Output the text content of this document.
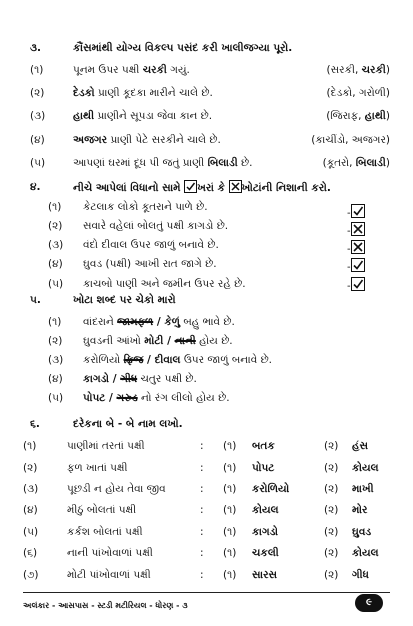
૩.	કૌંસમાંથી યોગ્ય વિકલ્પ પસંદ કરી ખાલીજગ્યા પૂરો.
(૧)	પૂનમ ઉપર પક્ષી ચરકી ગયું.	(સરકી, ચરકી)
(૨)	દેડકો પ્રાણી કૂદકા મારીને ચાલે છે.	(દેડકો, ગરોળી)
(૩)	હાથી પ્રાણીને સૂપડા જેવા કાન છે.	(જિરાફ, હાથી)
(૪)	અજગર પ્રાણી પેટે સરકીને ચાલે છે.	(કાચીંડો, અજગર)
(૫)	આપણાં ઘરમાં દૂધ પી જતું પ્રાણી બિલાડી છે.	(કૂતરો, બિલાડી)
૪.	નીચે આપેલાં વિધાનો સામે
ખરાં કે ☒ખોટાંની નિશાની કરો.
(૧) કેટલાક લોકો કૂતરાને પાળે છે.
-
(૨) સવારે વહેલાં બોલતું પક્ષી કાગડો છે.	-
(૩) વંદો દીવાલ ઉપર જાળું બનાવે છે.	-
(૪) ઘુવડ (પક્ષી) આખી રાત જાગે છે.	-
(૫) કાચબો પાણી અને જમીન ઉપર રહે છે.	-
૫.	ખોટા શબ્દ પર ચેકો મારો
(૧) વાંદરાને જામફળ / કેળું બહુ ભાવે છે.
(૨) ઘુવડની આંખો મોટી / નાની હોય છે.
(૩) કરોળિયો ફ્રિજ / દીવાલ ઉપર જાળું બનાવે છે.
(૪) કાગડો / ગીધ ચતુર પક્ષી છે.
(૫) પોપટ / ગરુડ નો રંગ લીલો હોય છે.
૬.	દરેકના બે - બે નામ લખો.
(૧)	પાણીમાં તરતાં પક્ષી	: (૧) બતક	(૨) હંસ
(૨)	ફળ ખાતાં પક્ષી	: (૧) પોપટ	(૨) કોયલ
(૩)	પૂછડી ન હોય તેવા જીવ	: (૧) કરોળિયો	(૨) માખી
(૪)	મીઠું બોલતાં પક્ષી	: (૧) કોયલ	(૨) મોર
(૫)	કર્કશ બોલતાં પક્ષી	: (૧) કાગડો	(૨) ઘુવડ
(૬)	નાની પાંખોવાળાં પક્ષી	: (૧) ચકલી	(૨) કોયલ
(૭)	મોટી પાંખોવાળાં પક્ષી	: (૧) સારસ	(૨) ગીધ
અલંકાર - આસપાસ - સ્ટડી મટીરિયલ - ધોરણ - ૩	૯
